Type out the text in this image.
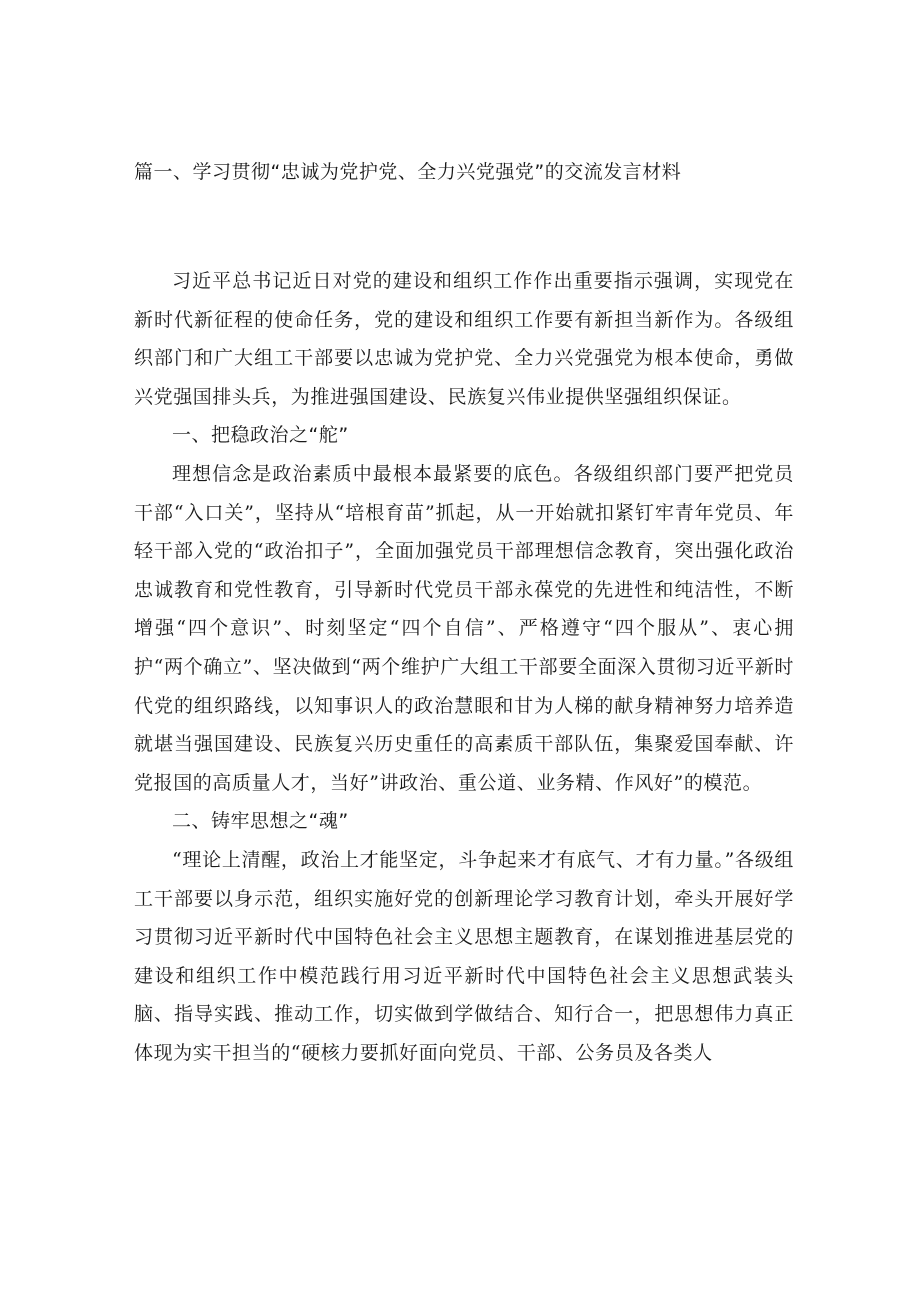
篇一、学习贯彻“忠诚为党护党、全力兴党强党”的交流发言材料

习近平总书记近日对党的建设和组织工作作出重要指示强调，实现党在新时代新征程的使命任务，党的建设和组织工作要有新担当新作为。各级组织部门和广大组工干部要以忠诚为党护党、全力兴党强党为根本使命，勇做兴党强国排头兵，为推进强国建设、民族复兴伟业提供坚强组织保证。

一、把稳政治之“舵”

理想信念是政治素质中最根本最紧要的底色。各级组织部门要严把党员干部“入口关”，坚持从“培根育苗”抓起，从一开始就扣紧钉牢青年党员、年轻干部入党的“政治扣子”，全面加强党员干部理想信念教育，突出强化政治忠诚教育和党性教育，引导新时代党员干部永葆党的先进性和纯洁性，不断增强“四个意识”、时刻坚定“四个自信”、严格遵守“四个服从”、衷心拥护“两个确立”、坚决做到“两个维护广大组工干部要全面深入贯彻习近平新时代党的组织路线，以知事识人的政治慧眼和甘为人梯的献身精神努力培养造就堪当强国建设、民族复兴历史重任的高素质干部队伍，集聚爱国奉献、许党报国的高质量人才，当好”讲政治、重公道、业务精、作风好”的模范。

二、铸牢思想之“魂”

“理论上清醒，政治上才能坚定，斗争起来才有底气、才有力量。”各级组工干部要以身示范，组织实施好党的创新理论学习教育计划，牵头开展好学习贯彻习近平新时代中国特色社会主义思想主题教育，在谋划推进基层党的建设和组织工作中模范践行用习近平新时代中国特色社会主义思想武装头脑、指导实践、推动工作，切实做到学做结合、知行合一，把思想伟力真正体现为实干担当的“硬核力要抓好面向党员、干部、公务员及各类人
